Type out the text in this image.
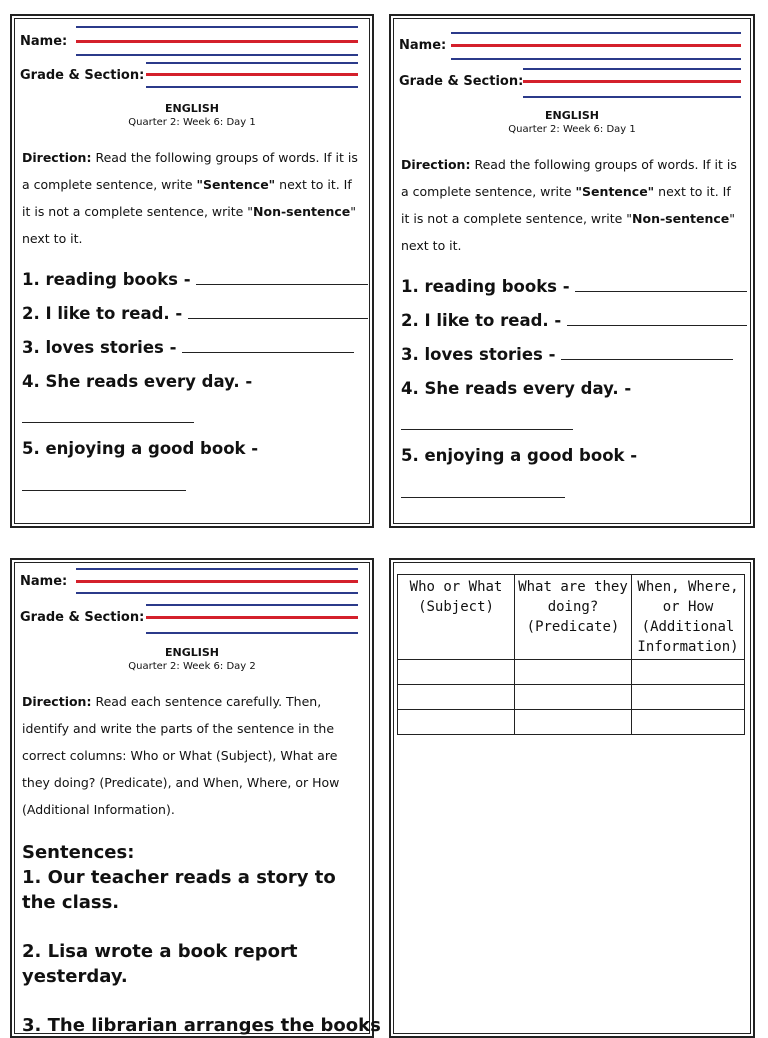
Name:
Grade & Section:
ENGLISH
Quarter 2: Week 6: Day 1
Direction: Read the following groups of words. If it is a complete sentence, write "Sentence" next to it. If it is not a complete sentence, write "Non-sentence" next to it.
1. reading books -
2. I like to read. -
3. loves stories -
4. She reads every day. -
5. enjoying a good book -
Name:
Grade & Section:
ENGLISH
Quarter 2: Week 6: Day 1
Direction: Read the following groups of words. If it is a complete sentence, write "Sentence" next to it. If it is not a complete sentence, write "Non-sentence" next to it.
1. reading books -
2. I like to read. -
3. loves stories -
4. She reads every day. -
5. enjoying a good book -
Name:
Grade & Section:
ENGLISH
Quarter 2: Week 6: Day 2
Direction: Read each sentence carefully. Then, identify and write the parts of the sentence in the correct columns: Who or What (Subject), What are they doing? (Predicate), and When, Where, or How (Additional Information).
Sentences:
1. Our teacher reads a story to the class.
2. Lisa wrote a book report yesterday.
3. The librarian arranges the books
Who or What (Subject)	What are they doing? (Predicate)	When, Where, or How (Additional Information)
